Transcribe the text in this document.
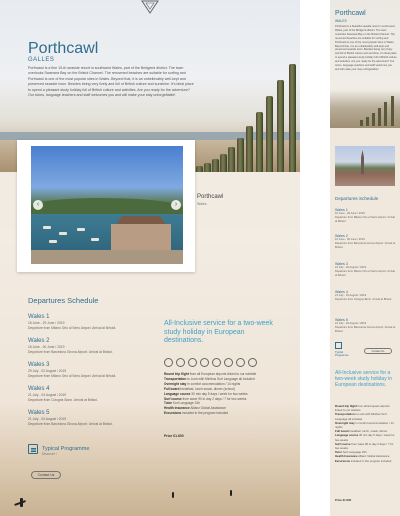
Porthcawl
GALLES
Porthcawl is a fine 19-th seaside resort in southwest Wales, part of the Bridgend district. The town overlooks Swansea Bay on the Bristol Channel. The renowned beaches are suitable for surfing and Porthcawl is one of the most popular sites in Wales. Beyond that, it is an unbelievably well-kept and preserved seaside town. Besides being very lively and full of British culture and sunshine. It's ideal place to spend a pleasant study holiday full of British culture and activities. Are you ready for the adventure? Our tutors, language teachers and staff welcomes you and will make your stay unforgettable!
‹	›
Porthcawl
Wales
Departures Schedule
Wales 1
16 June - 29 June / 2019
Departure from Milano Orio al Serio Airport. Arrival at Bristol.
Wales 2
16 June - 30 June / 2019
Departure from Barcelona Girona Airport. Arrival at Bristol.
Wales 3
29 July - 02 August / 2019
Departure from Milano Orio al Serio Airport. Arrival at Bristol.
Wales 4
21 July - 04 August / 2019
Departure from Cologne-Bonn. Arrival at Bristol.
Wales 5
21 July - 04 August / 2019
Departure from Barcelona Girona Airport. Arrival at Bristol.
All-Inclusive service for a two-week study holiday in European destinations.
Round trip flight from all European airports linked to our website
Transportation to Lush with Minibus Surf Language all included
Overnight stay in comfort accommodation / 14 nights
Full board breakfast, lunch snack, dinner (school)
Language course 30 min day 5 days / week for two weeks
Surf course from wave 90 to day 2 days / 7 for two weeks
Tutor Surf Language 24h
Health Insurance Allianz Global Assistance
Excursions included in the program included
Price €1.600
Typical Programme
Discover ›
Contact Us
Porthcawl
WALES
Porthcawl is a beautiful seaside resort in south-west Wales, part of the Bridgend district. The town overlooks Swansea Bay on the Bristol Channel. The renowned beaches are suitable for surfing and Porthcawl is one of the most popular sites in Wales. Beyond that, it is an unbelievably well-kept and preserved seaside town. Besides being very lively and full of British culture and sunshine. It's ideal place to spend a pleasant study holiday full of British culture and activities. Are you ready for the adventure? Our tutors, language teachers and staff welcomes you and will make your stay unforgettable!
Departures Schedule
Wales 1
16 June - 29 June / 2019
Departure from Milano Orio al Serio Airport. Arrival at Bristol.
Wales 2
16 June - 30 June / 2019
Departure from Barcelona Girona Airport. Arrival at Bristol.
Wales 3
21 July - 02 August / 2019
Departure from Milano Orio al Serio Airport. Arrival at Bristol.
Wales 4
21 July - 04 August / 2019
Departure from Cologne-Bonn. Arrival at Bristol.
Wales 5
21 July - 04 August / 2019
Departure from Barcelona Girona Airport. Arrival at Bristol.
Typical Programme
Contact Us
All-Inclusive service for a two-week study holiday in European destinations.
Round trip flight from all European airports linked to our website
Transportation to Lush with Minibus Surf Language all included
Overnight stay in comfort accommodation / 14 nights
Full board breakfast, lunch, snack, dinner
Language course 30 min day 5 days / week for two weeks
Surf course from wave 90 to day 2 days / 7 for two weeks
Tutor Surf Language 24h
Health Insurance Allianz Global Assistance
Excursions included in the program included
Price €1.600
